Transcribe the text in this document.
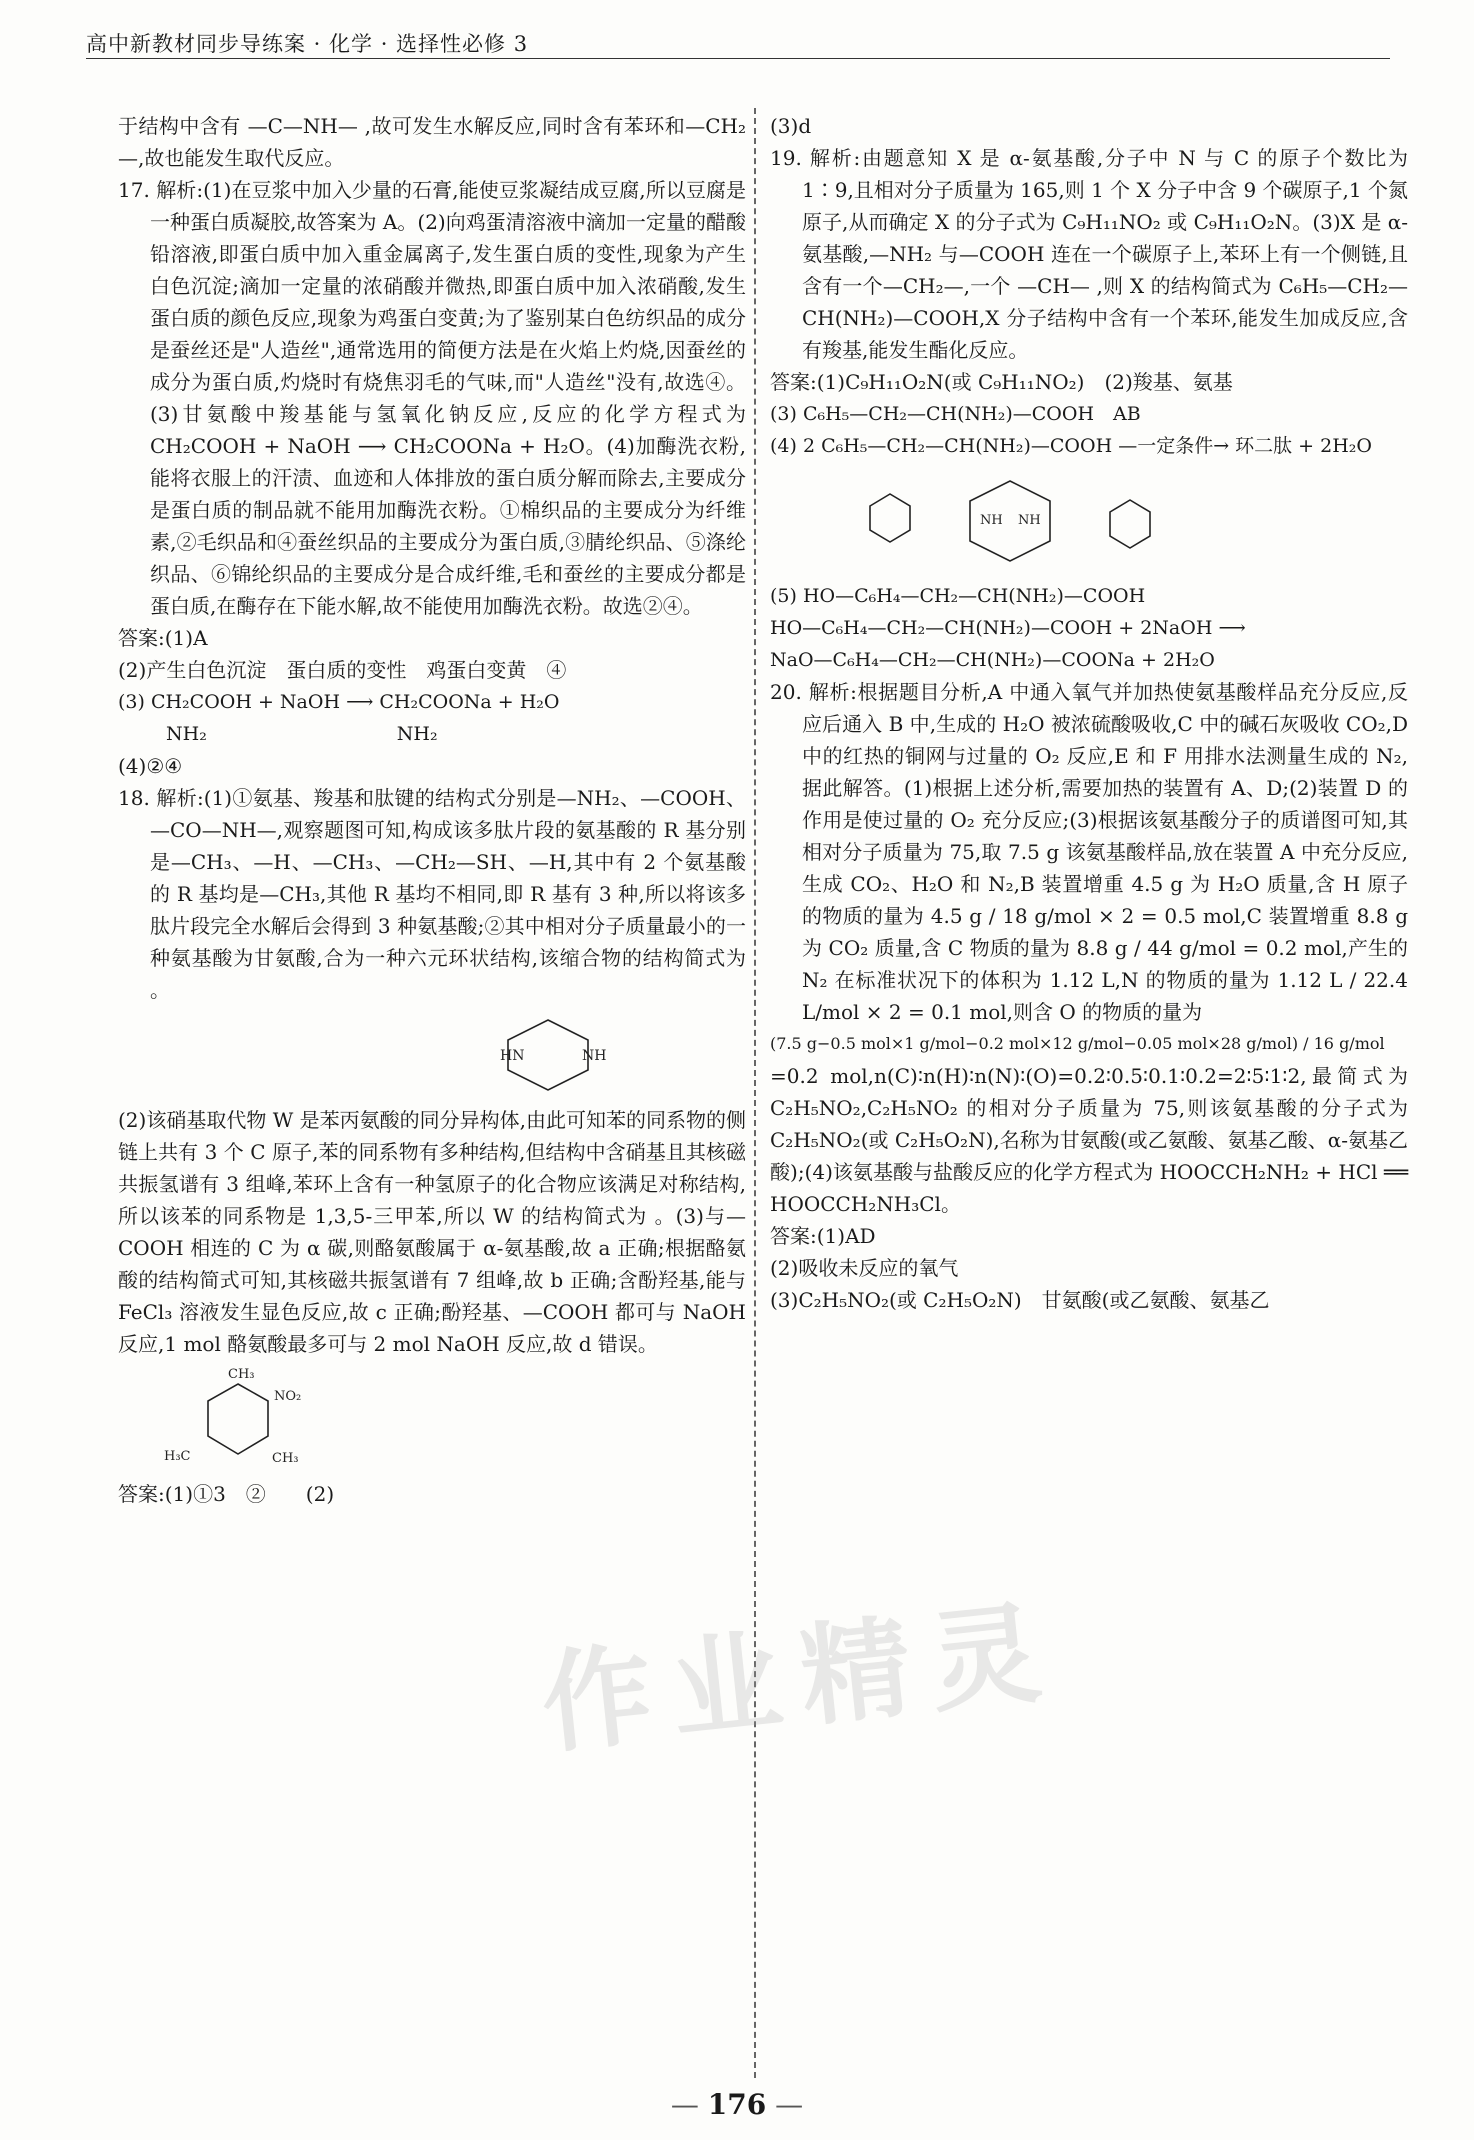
高中新教材同步导练案 · 化学 · 选择性必修 3
作业精灵

于结构中含有 —C—NH— ,故可发生水解反应,同时含有苯环和—CH₂—,故也能发生取代反应。

17. 解析:(1)在豆浆中加入少量的石膏,能使豆浆凝结成豆腐,所以豆腐是一种蛋白质凝胶,故答案为 A。(2)向鸡蛋清溶液中滴加一定量的醋酸铅溶液,即蛋白质中加入重金属离子,发生蛋白质的变性,现象为产生白色沉淀;滴加一定量的浓硝酸并微热,即蛋白质中加入浓硝酸,发生蛋白质的颜色反应,现象为鸡蛋白变黄;为了鉴别某白色纺织品的成分是蚕丝还是"人造丝",通常选用的简便方法是在火焰上灼烧,因蚕丝的成分为蛋白质,灼烧时有烧焦羽毛的气味,而"人造丝"没有,故选④。(3)甘氨酸中羧基能与氢氧化钠反应,反应的化学方程式为 CH₂COOH + NaOH ⟶ CH₂COONa + H₂O。(4)加酶洗衣粉,能将衣服上的汗渍、血迹和人体排放的蛋白质分解而除去,主要成分是蛋白质的制品就不能用加酶洗衣粉。①棉织品的主要成分为纤维素,②毛织品和④蚕丝织品的主要成分为蛋白质,③腈纶织品、⑤涤纶织品、⑥锦纶织品的主要成分是合成纤维,毛和蚕丝的主要成分都是蛋白质,在酶存在下能水解,故不能使用加酶洗衣粉。故选②④。

答案:(1)A

(2)产生白色沉淀　蛋白质的变性　鸡蛋白变黄　④

(3) CH₂COOH + NaOH ⟶ CH₂COONa + H₂O

NH₂　　　　　　　　　　NH₂

(4)②④

18. 解析:(1)①氨基、羧基和肽键的结构式分别是—NH₂、—COOH、—CO—NH—,观察题图可知,构成该多肽片段的氨基酸的 R 基分别是—CH₃、—H、—CH₃、—CH₂—SH、—H,其中有 2 个氨基酸的 R 基均是—CH₃,其他 R 基均不相同,即 R 基有 3 种,所以将该多肽片段完全水解后会得到 3 种氨基酸;②其中相对分子质量最小的一种氨基酸为甘氨酸,合为一种六元环状结构,该缩合物的结构简式为 。

HN	NH

(2)该硝基取代物 W 是苯丙氨酸的同分异构体,由此可知苯的同系物的侧链上共有 3 个 C 原子,苯的同系物有多种结构,但结构中含硝基且其核磁共振氢谱有 3 组峰,苯环上含有一种氢原子的化合物应该满足对称结构,所以该苯的同系物是 1,3,5-三甲苯,所以 W 的结构简式为 。(3)与—COOH 相连的 C 为 α 碳,则酪氨酸属于 α-氨基酸,故 a 正确;根据酪氨酸的结构简式可知,其核磁共振氢谱有 7 组峰,故 b 正确;含酚羟基,能与 FeCl₃ 溶液发生显色反应,故 c 正确;酚羟基、—COOH 都可与 NaOH 反应,1 mol 酪氨酸最多可与 2 mol NaOH 反应,故 d 错误。

CH₃
NO₂
H₃C	CH₃

答案:(1)①3　②　　(2)

(3)d

19. 解析:由题意知 X 是 α-氨基酸,分子中 N 与 C 的原子个数比为 1∶9,且相对分子质量为 165,则 1 个 X 分子中含 9 个碳原子,1 个氮原子,从而确定 X 的分子式为 C₉H₁₁NO₂ 或 C₉H₁₁O₂N。(3)X 是 α-氨基酸,—NH₂ 与—COOH 连在一个碳原子上,苯环上有一个侧链,且含有一个—CH₂—,一个 —CH— ,则 X 的结构简式为 C₆H₅—CH₂—CH(NH₂)—COOH,X 分子结构中含有一个苯环,能发生加成反应,含有羧基,能发生酯化反应。

答案:(1)C₉H₁₁O₂N(或 C₉H₁₁NO₂)　(2)羧基、氨基

(3) C₆H₅—CH₂—CH(NH₂)—COOH　AB

(4) 2 C₆H₅—CH₂—CH(NH₂)—COOH —一定条件→ 环二肽 + 2H₂O

NH NH

(5) HO—C₆H₄—CH₂—CH(NH₂)—COOH

HO—C₆H₄—CH₂—CH(NH₂)—COOH + 2NaOH ⟶

NaO—C₆H₄—CH₂—CH(NH₂)—COONa + 2H₂O

20. 解析:根据题目分析,A 中通入氧气并加热使氨基酸样品充分反应,反应后通入 B 中,生成的 H₂O 被浓硫酸吸收,C 中的碱石灰吸收 CO₂,D 中的红热的铜网与过量的 O₂ 反应,E 和 F 用排水法测量生成的 N₂,据此解答。(1)根据上述分析,需要加热的装置有 A、D;(2)装置 D 的作用是使过量的 O₂ 充分反应;(3)根据该氨基酸分子的质谱图可知,其相对分子质量为 75,取 7.5 g 该氨基酸样品,放在装置 A 中充分反应,生成 CO₂、H₂O 和 N₂,B 装置增重 4.5 g 为 H₂O 质量,含 H 原子的物质的量为 4.5 g / 18 g/mol × 2 = 0.5 mol,C 装置增重 8.8 g 为 CO₂ 质量,含 C 物质的量为 8.8 g / 44 g/mol = 0.2 mol,产生的 N₂ 在标准状况下的体积为 1.12 L,N 的物质的量为 1.12 L / 22.4 L/mol × 2 = 0.1 mol,则含 O 的物质的量为

(7.5 g−0.5 mol×1 g/mol−0.2 mol×12 g/mol−0.05 mol×28 g/mol) / 16 g/mol

=0.2 mol,n(C)∶n(H)∶n(N)∶(O)=0.2∶0.5∶0.1∶0.2=2∶5∶1∶2,最简式为 C₂H₅NO₂,C₂H₅NO₂ 的相对分子质量为 75,则该氨基酸的分子式为 C₂H₅NO₂(或 C₂H₅O₂N),名称为甘氨酸(或乙氨酸、氨基乙酸、α-氨基乙酸);(4)该氨基酸与盐酸反应的化学方程式为 HOOCCH₂NH₂ + HCl ══ HOOCCH₂NH₃Cl。

答案:(1)AD

(2)吸收未反应的氧气

(3)C₂H₅NO₂(或 C₂H₅O₂N)　甘氨酸(或乙氨酸、氨基乙

— 176 —
